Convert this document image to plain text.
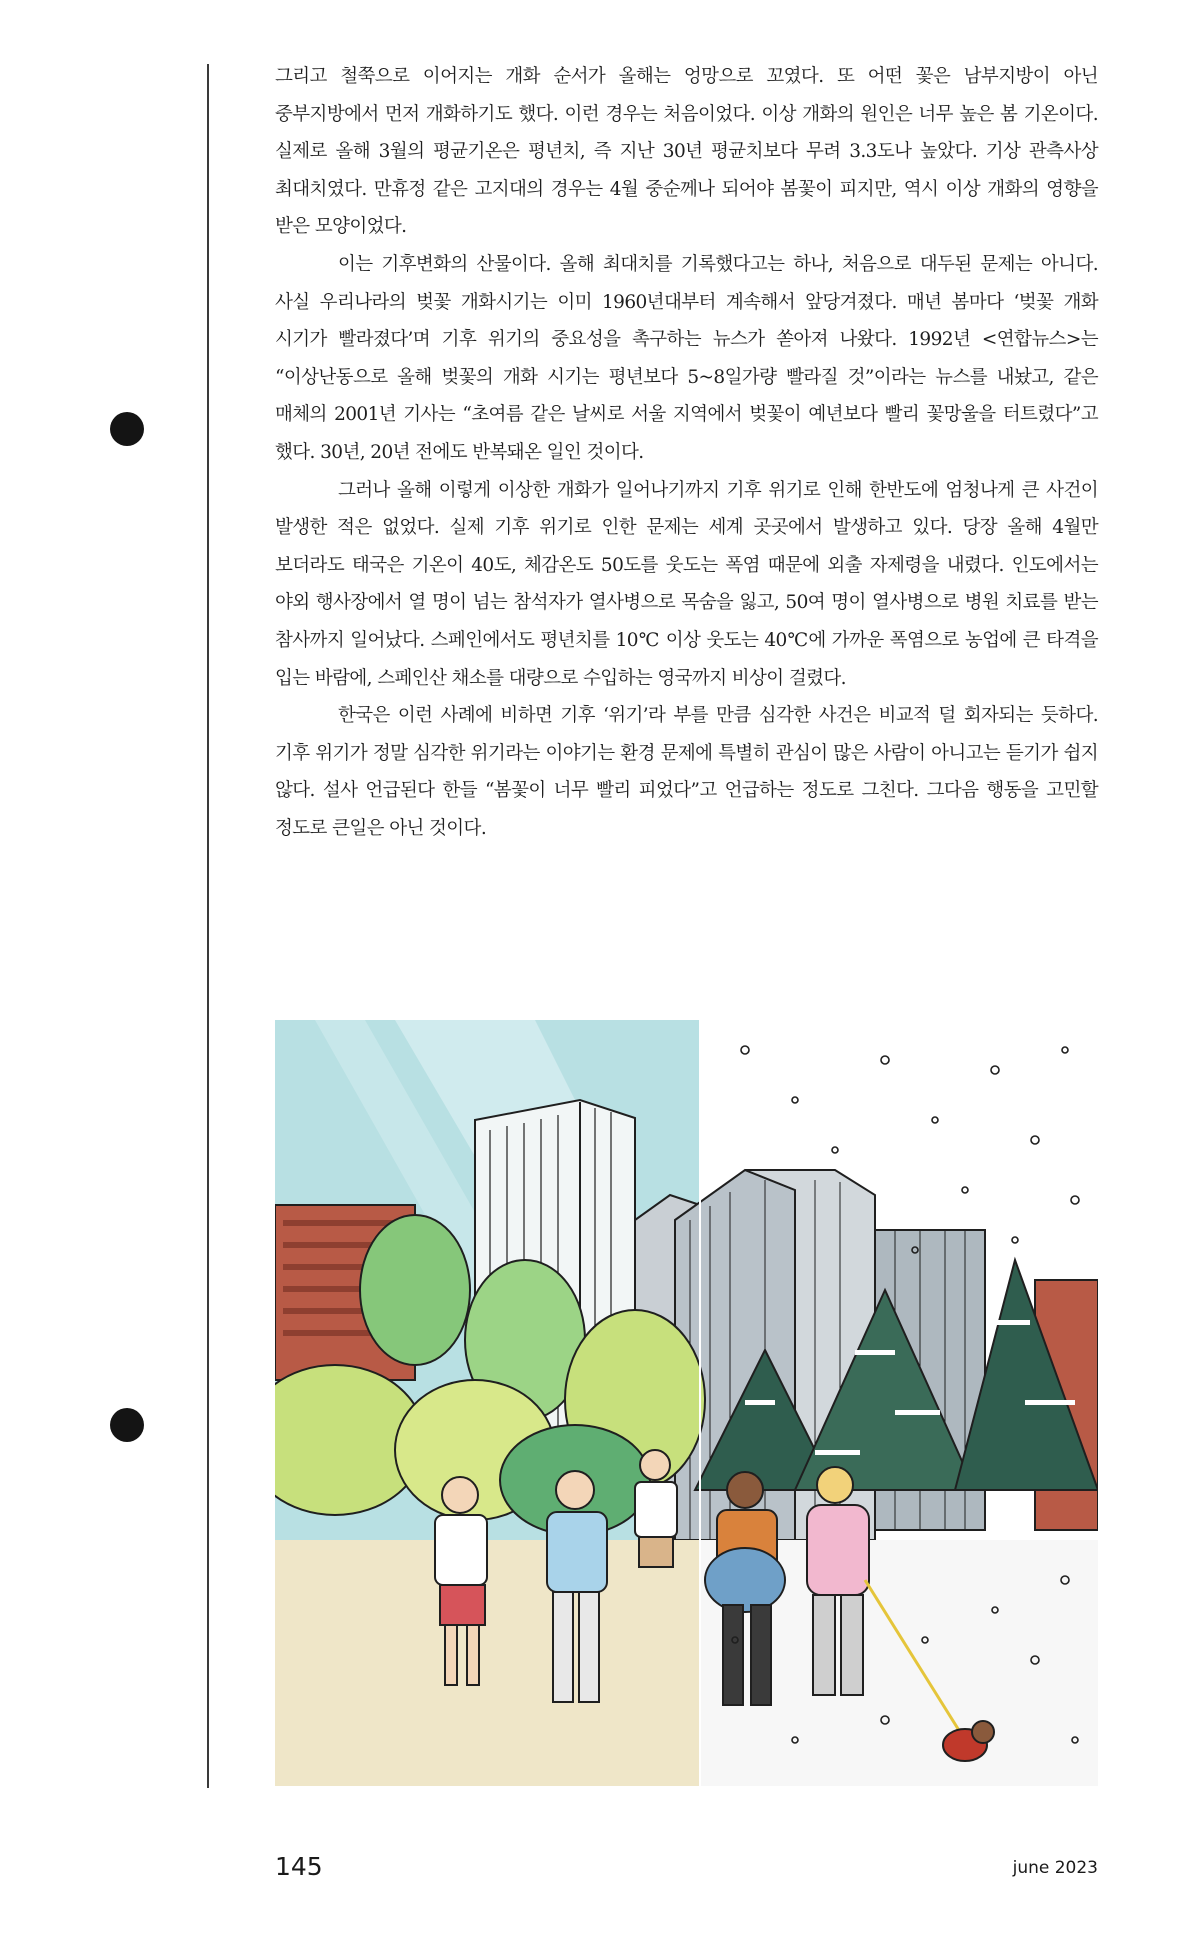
그리고 철쭉으로 이어지는 개화 순서가 올해는 엉망으로 꼬였다. 또 어떤 꽃은 남부지방이 아닌 중부지방에서 먼저 개화하기도 했다. 이런 경우는 처음이었다. 이상 개화의 원인은 너무 높은 봄 기온이다. 실제로 올해 3월의 평균기온은 평년치, 즉 지난 30년 평균치보다 무려 3.3도나 높았다. 기상 관측사상 최대치였다. 만휴정 같은 고지대의 경우는 4월 중순께나 되어야 봄꽃이 피지만, 역시 이상 개화의 영향을 받은 모양이었다.

이는 기후변화의 산물이다. 올해 최대치를 기록했다고는 하나, 처음으로 대두된 문제는 아니다. 사실 우리나라의 벚꽃 개화시기는 이미 1960년대부터 계속해서 앞당겨졌다. 매년 봄마다 ‘벚꽃 개화 시기가 빨라졌다’며 기후 위기의 중요성을 촉구하는 뉴스가 쏟아져 나왔다. 1992년 <연합뉴스>는 “이상난동으로 올해 벚꽃의 개화 시기는 평년보다 5~8일가량 빨라질 것”이라는 뉴스를 내놨고, 같은 매체의 2001년 기사는 “초여름 같은 날씨로 서울 지역에서 벚꽃이 예년보다 빨리 꽃망울을 터트렸다”고 했다. 30년, 20년 전에도 반복돼온 일인 것이다.

그러나 올해 이렇게 이상한 개화가 일어나기까지 기후 위기로 인해 한반도에 엄청나게 큰 사건이 발생한 적은 없었다. 실제 기후 위기로 인한 문제는 세계 곳곳에서 발생하고 있다. 당장 올해 4월만 보더라도 태국은 기온이 40도, 체감온도 50도를 웃도는 폭염 때문에 외출 자제령을 내렸다. 인도에서는 야외 행사장에서 열 명이 넘는 참석자가 열사병으로 목숨을 잃고, 50여 명이 열사병으로 병원 치료를 받는 참사까지 일어났다. 스페인에서도 평년치를 10℃ 이상 웃도는 40℃에 가까운 폭염으로 농업에 큰 타격을 입는 바람에, 스페인산 채소를 대량으로 수입하는 영국까지 비상이 걸렸다.

한국은 이런 사례에 비하면 기후 ‘위기’라 부를 만큼 심각한 사건은 비교적 덜 회자되는 듯하다. 기후 위기가 정말 심각한 위기라는 이야기는 환경 문제에 특별히 관심이 많은 사람이 아니고는 듣기가 쉽지 않다. 설사 언급된다 한들 “봄꽃이 너무 빨리 피었다”고 언급하는 정도로 그친다. 그다음 행동을 고민할 정도로 큰일은 아닌 것이다.

145	june 2023
